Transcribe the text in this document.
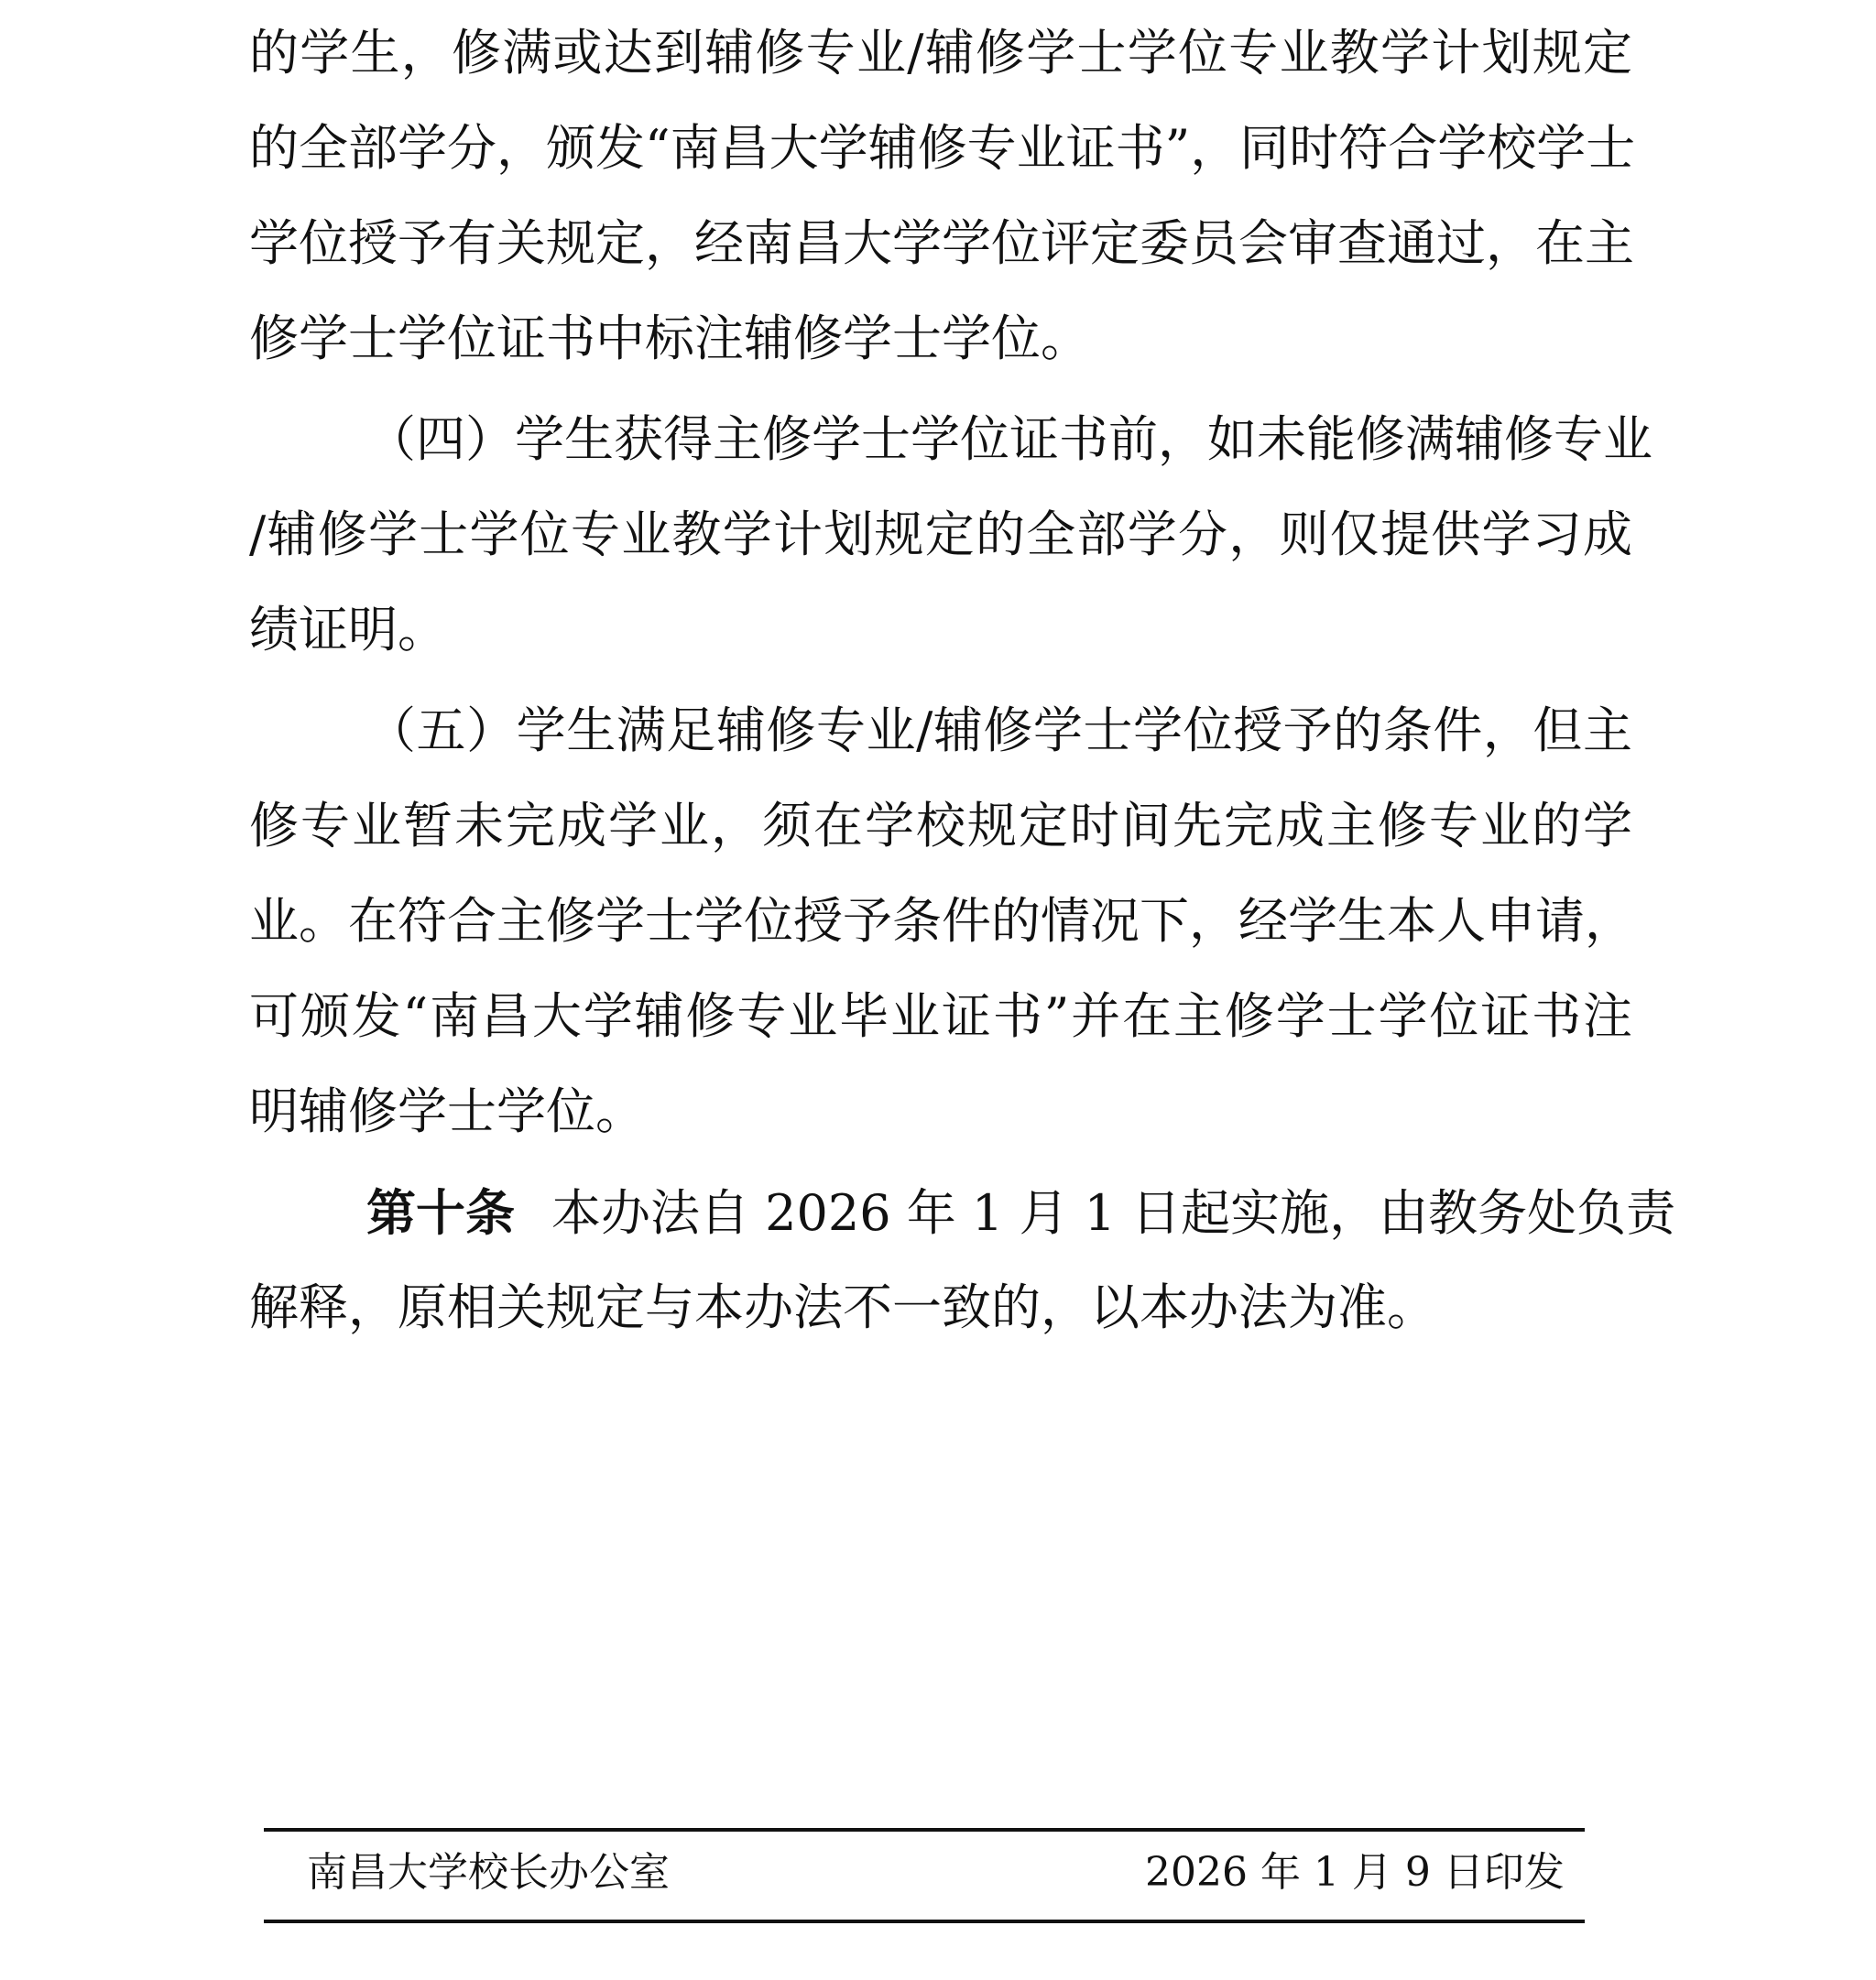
的学生，修满或达到辅修专业/辅修学士学位专业教学计划规定
的全部学分，颁发“南昌大学辅修专业证书”，同时符合学校学士
学位授予有关规定，经南昌大学学位评定委员会审查通过，在主
修学士学位证书中标注辅修学士学位。
（四）学生获得主修学士学位证书前，如未能修满辅修专业
/辅修学士学位专业教学计划规定的全部学分，则仅提供学习成
绩证明。
（五）学生满足辅修专业/辅修学士学位授予的条件，但主
修专业暂未完成学业，须在学校规定时间先完成主修专业的学
业。在符合主修学士学位授予条件的情况下，经学生本人申请，
可颁发“南昌大学辅修专业毕业证书”并在主修学士学位证书注
明辅修学士学位。
第十条 本办法自 2026 年 1 月 1 日起实施，由教务处负责
解释，原相关规定与本办法不一致的，以本办法为准。
南昌大学校长办公室	2026 年 1 月 9 日印发
